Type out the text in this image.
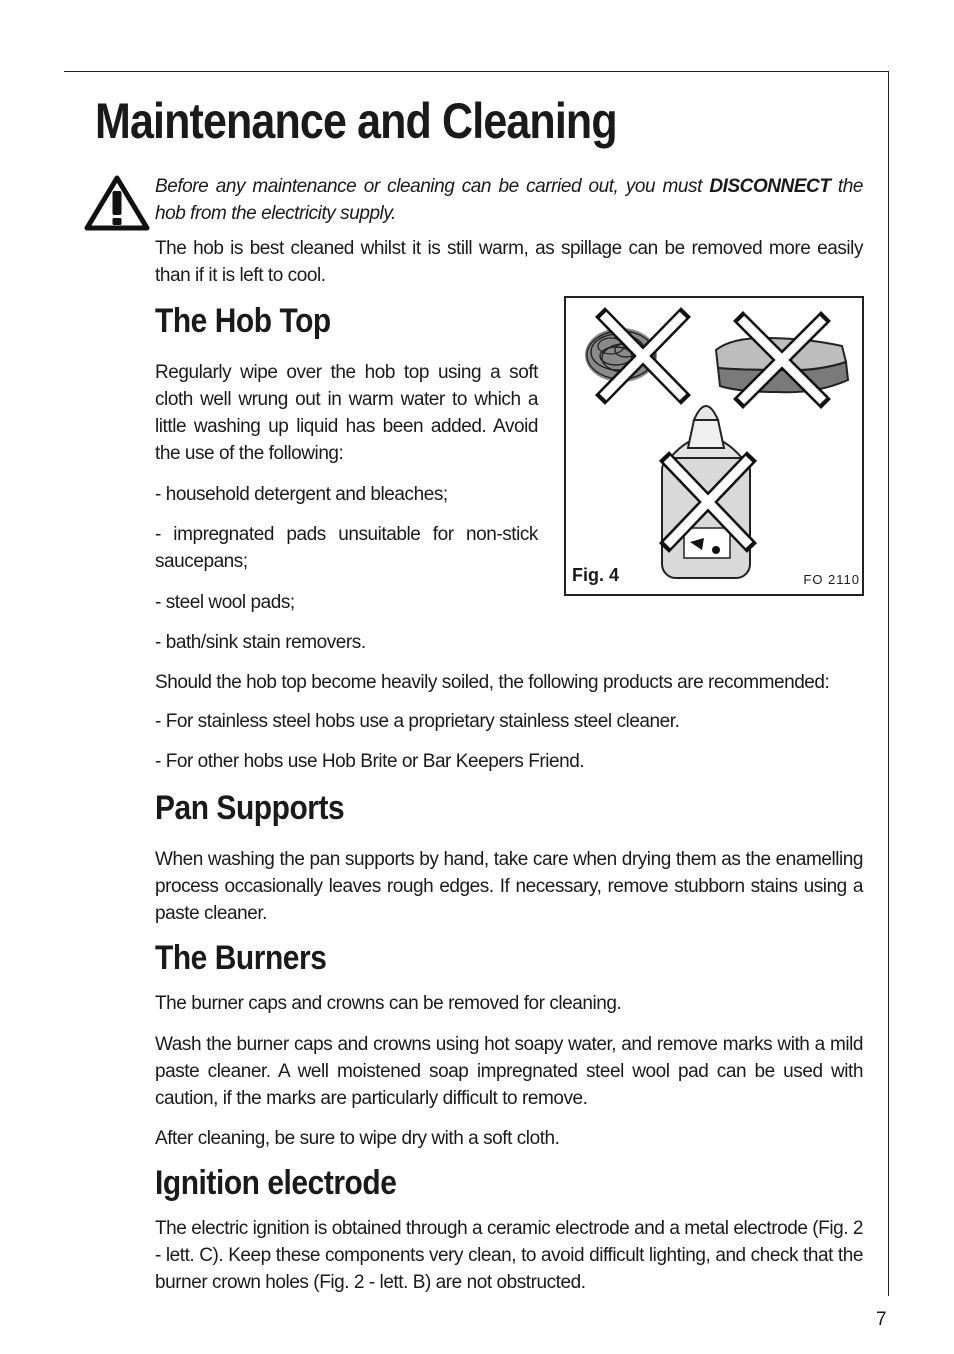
Maintenance and Cleaning

Before any maintenance or cleaning can be carried out, you must DISCONNECT the hob from the electricity supply.

The hob is best cleaned whilst it is still warm, as spillage can be removed more easily than if it is left to cool.

The Hob Top

Regularly wipe over the hob top using a soft cloth well wrung out in warm water to which a little washing up liquid has been added. Avoid the use of the following:

- household detergent and bleaches;

- impregnated pads unsuitable for non-stick saucepans;

- steel wool pads;

- bath/sink stain removers.

Should the hob top become heavily soiled, the following products are recommended:

- For stainless steel hobs use a proprietary stainless steel cleaner.

- For other hobs use Hob Brite or Bar Keepers Friend.

Fig. 4	FO 2110
Pan Supports

When washing the pan supports by hand, take care when drying them as the enamelling process occasionally leaves rough edges. If necessary, remove stubborn stains using a paste cleaner.

The Burners

The burner caps and crowns can be removed for cleaning.

Wash the burner caps and crowns using hot soapy water, and remove marks with a mild paste cleaner. A well moistened soap impregnated steel wool pad can be used with caution, if the marks are particularly difficult to remove.

After cleaning, be sure to wipe dry with a soft cloth.

Ignition electrode

The electric ignition is obtained through a ceramic electrode and a metal electrode (Fig. 2 - lett. C). Keep these components very clean, to avoid difficult lighting, and check that the burner crown holes (Fig. 2 - lett. B) are not obstructed.

7
